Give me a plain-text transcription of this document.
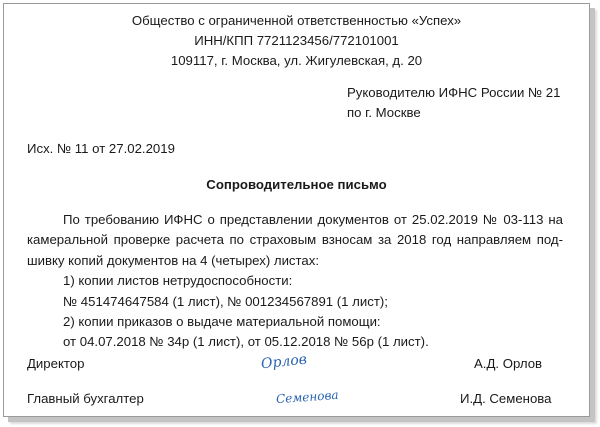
Общество с ограниченной ответственностью «Успех»
ИНН/КПП 7721123456/772101001
109117, г. Москва, ул. Жигулевская, д. 20
Руководителю ИФНС России № 21
по г. Москве
Исх. № 11 от 27.02.2019
Сопроводительное письмо
По требованию ИФНС о представлении документов от 25.02.2019 № 03-113 на
камеральной проверке расчета по страховым взносам за 2018 год направляем под-
шивку копий документов на 4 (четырех) листах:
1) копии листов нетрудоспособности:
№ 451474647584 (1 лист), № 001234567891 (1 лист);
2) копии приказов о выдаче материальной помощи:
от 04.07.2018 № 34р (1 лист), от 05.12.2018 № 56р (1 лист).
Директор	Орлов	А.Д. Орлов
Главный бухгалтер	Семенова	И.Д. Семенова
